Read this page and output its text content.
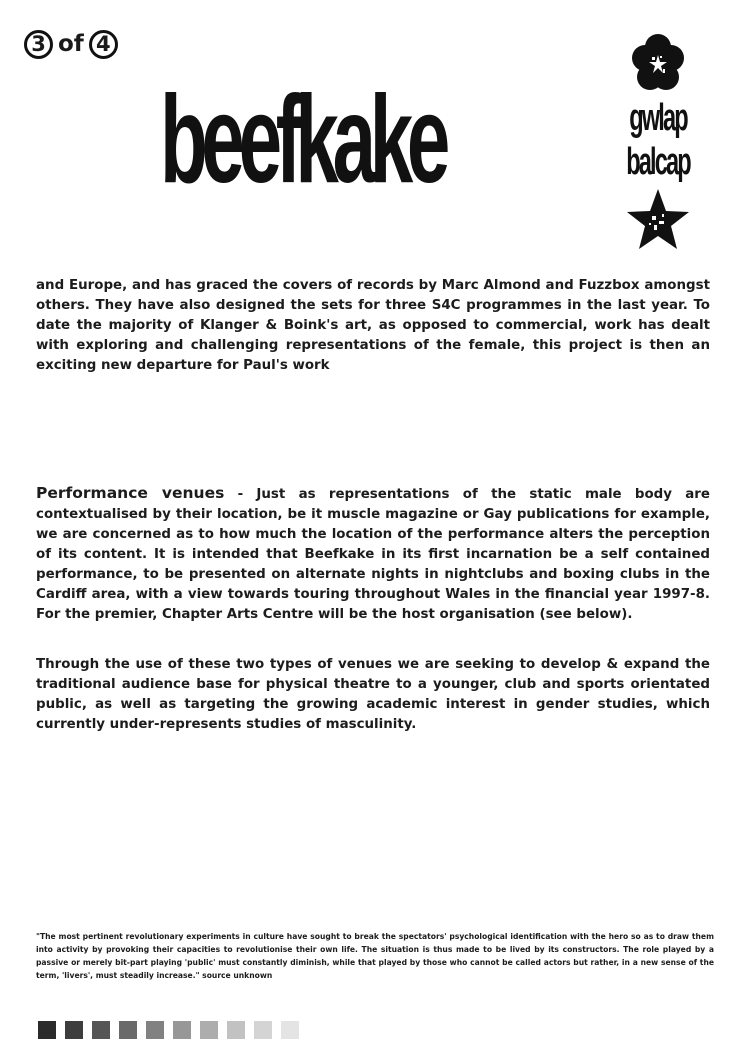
3 of 4
beefkake	gwlap
balcap

and Europe, and has graced the covers of records by Marc Almond and Fuzzbox amongst others. They have also designed the sets for three S4C programmes in the last year. To date the majority of Klanger & Boink's art, as opposed to commercial, work has dealt with exploring and challenging representations of the female, this project is then an exciting new departure for Paul's work

Performance venues - Just as representations of the static male body are contextualised by their location, be it muscle magazine or Gay publications for example, we are concerned as to how much the location of the performance alters the perception of its content. It is intended that Beefkake in its first incarnation be a self contained performance, to be presented on alternate nights in nightclubs and boxing clubs in the Cardiff area, with a view towards touring throughout Wales in the financial year 1997-8. For the premier, Chapter Arts Centre will be the host organisation (see below).

Through the use of these two types of venues we are seeking to develop & expand the traditional audience base for physical theatre to a younger, club and sports orientated public, as well as targeting the growing academic interest in gender studies, which currently under-represents studies of masculinity.

"The most pertinent revolutionary experiments in culture have sought to break the spectators' psychological identification with the hero so as to draw them into activity by provoking their capacities to revolutionise their own life. The situation is thus made to be lived by its constructors. The role played by a passive or merely bit-part playing 'public' must constantly diminish, while that played by those who cannot be called actors but rather, in a new sense of the term, 'livers', must steadily increase." source unknown
